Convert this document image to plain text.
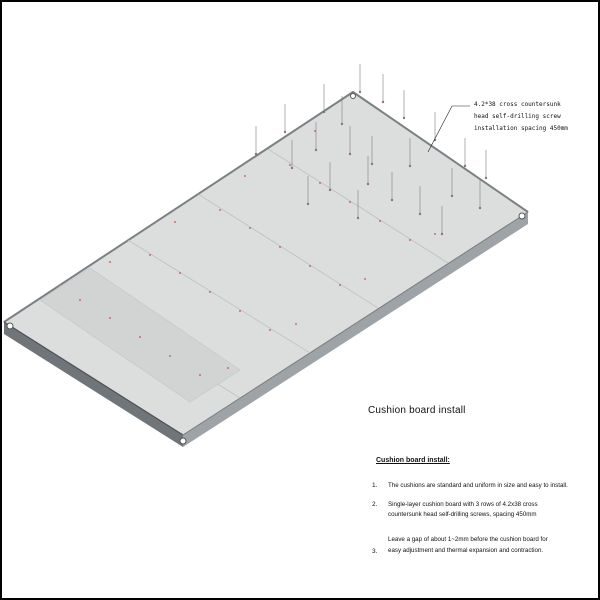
4.2*38 cross countersunk
head self-drilling screw
installation spacing 450mm
Cushion board install
Cushion board install:
1. The cushions are standard and uniform in size and easy to install.
2. Single-layer cushion board with 3 rows of 4.2x38 cross
countersunk head self-drilling screws, spacing 450mm
3.
Leave a gap of about 1~2mm before the cushion board for
easy adjustment and thermal expansion and contraction.
